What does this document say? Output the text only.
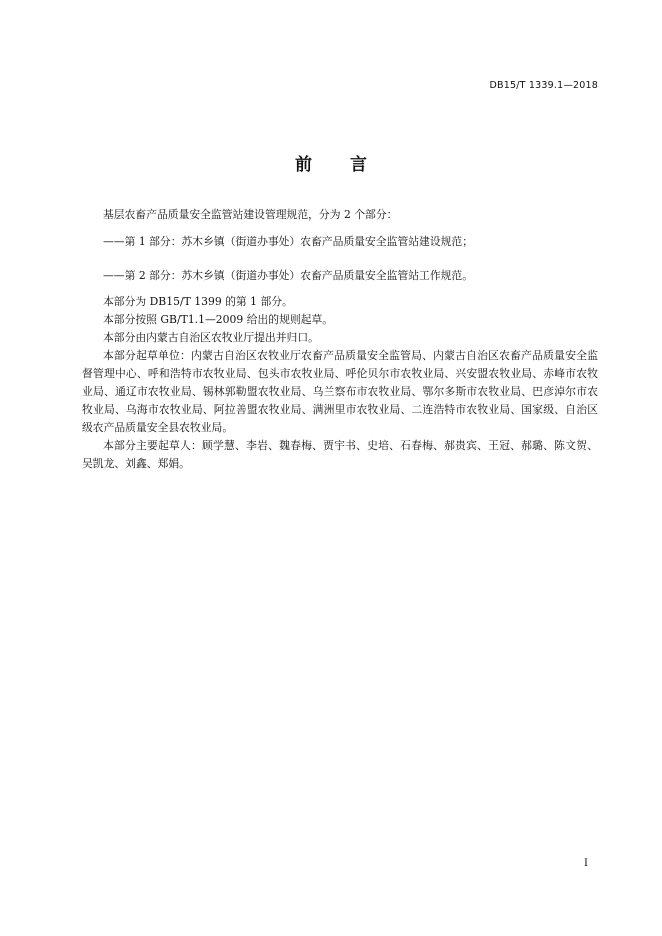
DB15/T 1339.1—2018
前言
基层农畜产品质量安全监管站建设管理规范，分为 2 个部分：
——第 1 部分：苏木乡镇（街道办事处）农畜产品质量安全监管站建设规范；
——第 2 部分：苏木乡镇（街道办事处）农畜产品质量安全监管站工作规范。

本部分为 DB15/T 1399 的第 1 部分。

本部分按照 GB/T1.1—2009 给出的规则起草。

本部分由内蒙古自治区农牧业厅提出并归口。

本部分起草单位：内蒙古自治区农牧业厅农畜产品质量安全监管局、内蒙古自治区农畜产品质量安全监督管理中心、呼和浩特市农牧业局、包头市农牧业局、呼伦贝尔市农牧业局、兴安盟农牧业局、赤峰市农牧业局、通辽市农牧业局、锡林郭勒盟农牧业局、乌兰察布市农牧业局、鄂尔多斯市农牧业局、巴彦淖尔市农牧业局、乌海市农牧业局、阿拉善盟农牧业局、满洲里市农牧业局、二连浩特市农牧业局、国家级、自治区级农产品质量安全县农牧业局。

本部分主要起草人：顾学慧、李岩、魏春梅、贾宇书、史培、石春梅、郝贵宾、王冠、郝璐、陈文贺、吴凯龙、刘鑫、郑娟。

I
